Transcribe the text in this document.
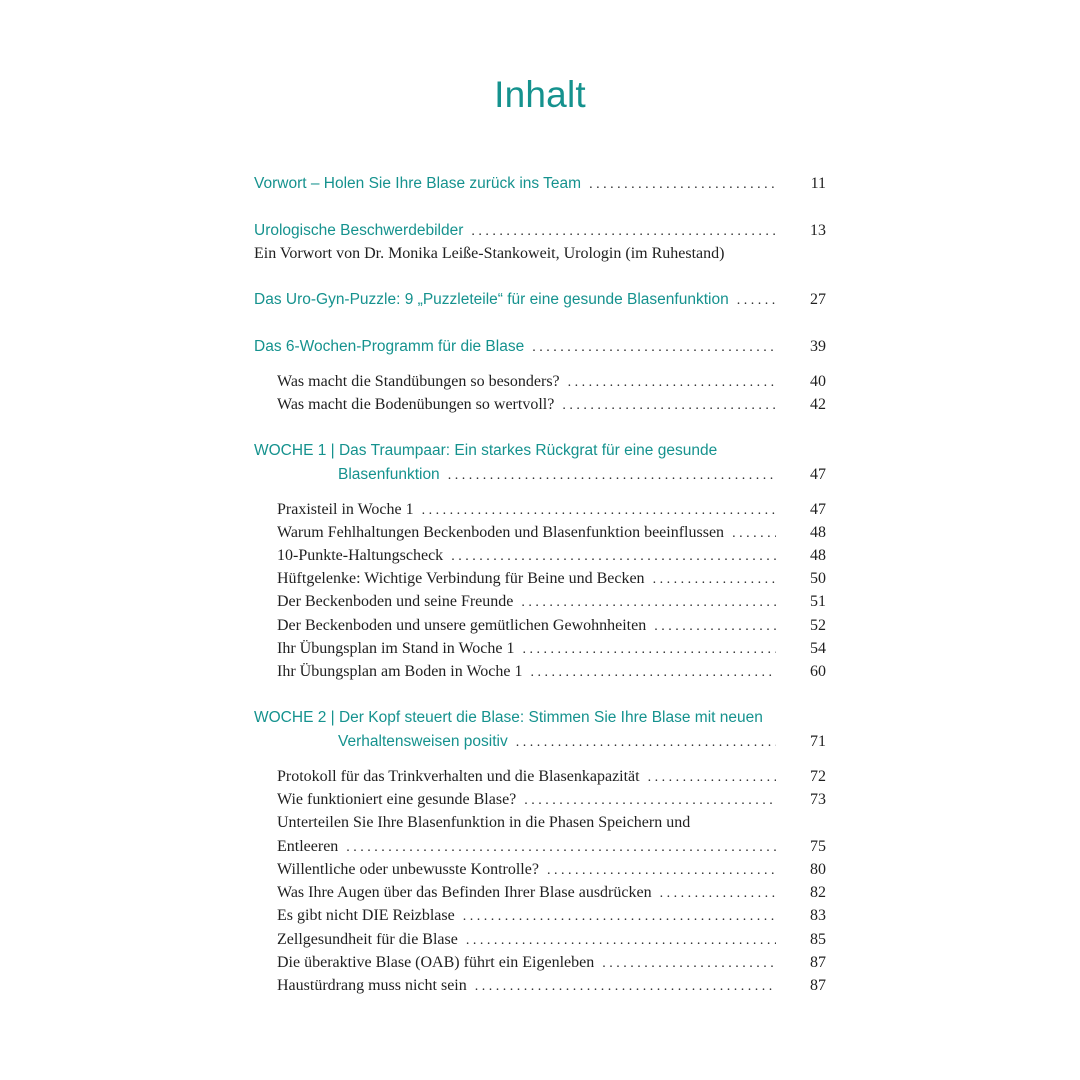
Inhalt
Vorwort – Holen Sie Ihre Blase zurück ins Team . . .	11
Urologische Beschwerdebilder . . .	13
Ein Vorwort von Dr. Monika Leiße-Stankoweit, Urologin (im Ruhestand)
Das Uro-Gyn-Puzzle: 9 „Puzzleteile“ für eine gesunde Blasenfunktion . . .	27
Das 6-Wochen-Programm für die Blase . . .	39
Was macht die Standübungen so besonders? . . .	40
Was macht die Bodenübungen so wertvoll? . . .	42
WOCHE 1 | Das Traumpaar: Ein starkes Rückgrat für eine gesunde
Blasenfunktion . . .	47
Praxisteil in Woche 1 . . .	47
Warum Fehlhaltungen Beckenboden und Blasenfunktion beeinflussen . . .	48
10-Punkte-Haltungscheck . . .	48
Hüftgelenke: Wichtige Verbindung für Beine und Becken . . .	50
Der Beckenboden und seine Freunde . . .	51
Der Beckenboden und unsere gemütlichen Gewohnheiten . . .	52
Ihr Übungsplan im Stand in Woche 1 . . .	54
Ihr Übungsplan am Boden in Woche 1 . . .	60
WOCHE 2 | Der Kopf steuert die Blase: Stimmen Sie Ihre Blase mit neuen
Verhaltensweisen positiv . . .	71
Protokoll für das Trinkverhalten und die Blasenkapazität . . .	72
Wie funktioniert eine gesunde Blase? . . .	73
Unterteilen Sie Ihre Blasenfunktion in die Phasen Speichern und
Entleeren . . .	75
Willentliche oder unbewusste Kontrolle? . . .	80
Was Ihre Augen über das Befinden Ihrer Blase ausdrücken . . .	82
Es gibt nicht DIE Reizblase . . .	83
Zellgesundheit für die Blase . . .	85
Die überaktive Blase (OAB) führt ein Eigenleben . . .	87
Haustürdrang muss nicht sein . . .	87
